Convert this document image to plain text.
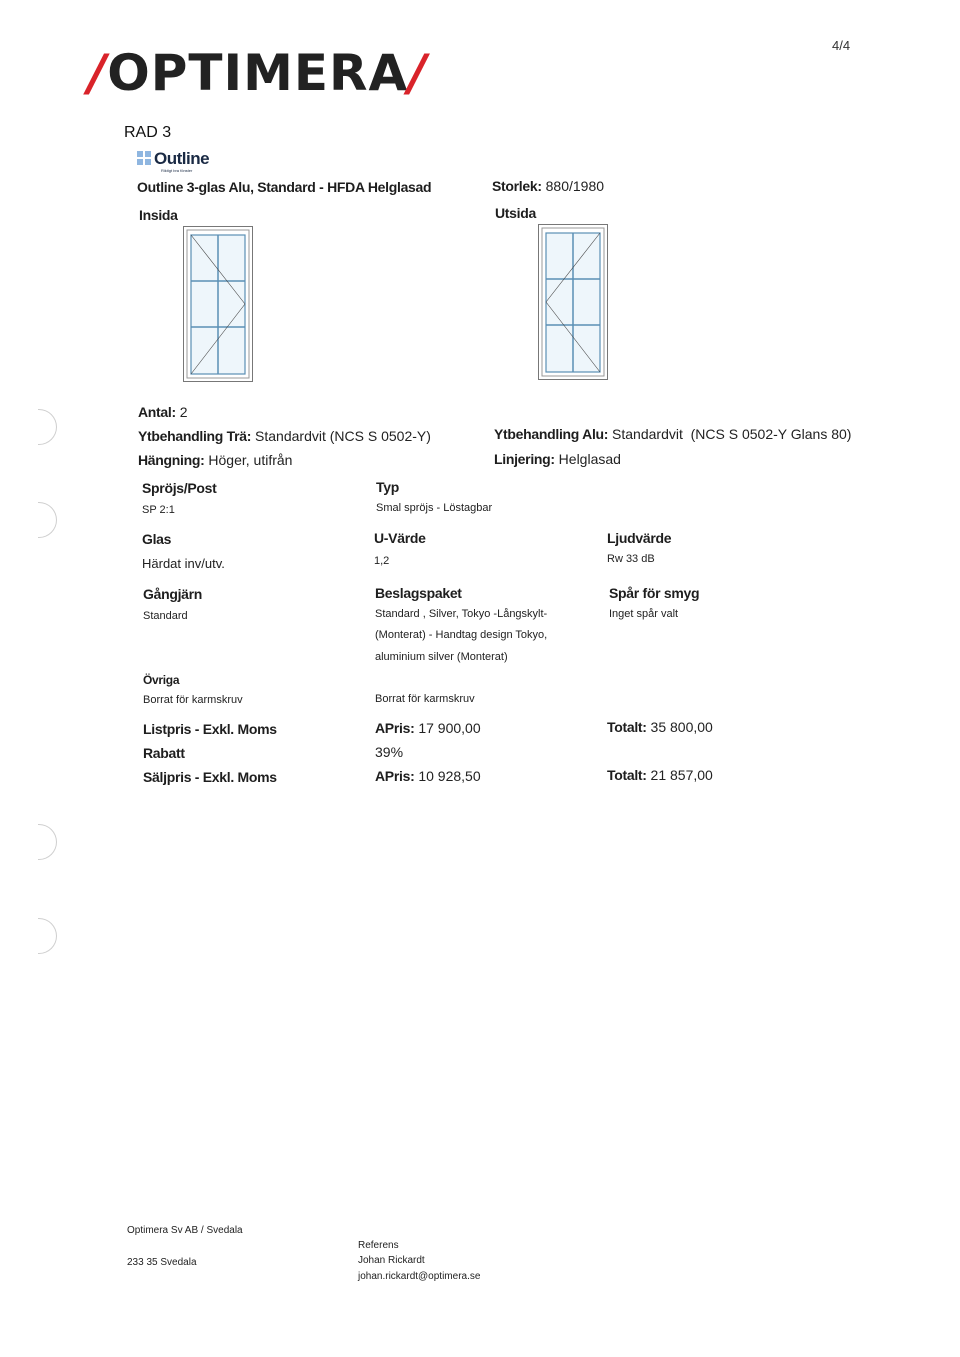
/OPTIMERA/	4/4
RAD 3
Outline
Riktigt bra fönster
Outline 3-glas Alu, Standard - HFDA Helglasad	Storlek: 880/1980
Insida	Utsida
Antal: 2
Ytbehandling Trä: Standardvit (NCS S 0502-Y)	Ytbehandling Alu: Standardvit  (NCS S 0502-Y Glans 80)
Hängning: Höger, utifrån	Linjering: Helglasad
Spröjs/Post
SP 2:1
Typ
Smal spröjs - Löstagbar
Glas
Härdat inv/utv.
U-Värde
1,2
Ljudvärde
Rw 33 dB
Gångjärn
Standard
Beslagspaket
Standard , Silver, Tokyo -Långskylt-
(Monterat) - Handtag design Tokyo,
aluminium silver (Monterat)
Spår för smyg
Inget spår valt
Övriga
Borrat för karmskruv	Borrat för karmskruv
Listpris - Exkl. Moms	APris: 17 900,00	Totalt: 35 800,00
Rabatt	39%
Säljpris - Exkl. Moms	APris: 10 928,50	Totalt: 21 857,00
Optimera Sv AB / Svedala
233 35 Svedala
Referens
Johan Rickardt
johan.rickardt@optimera.se
